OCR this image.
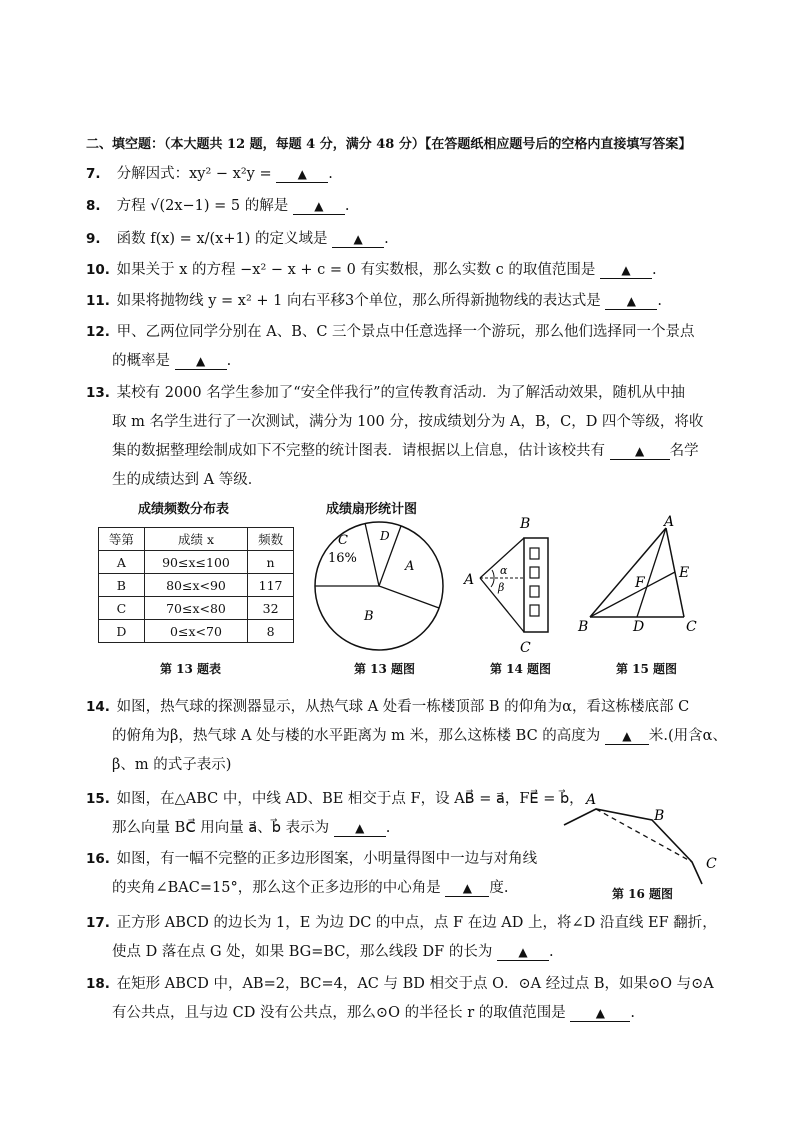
二、填空题：（本大题共 12 题，每题 4 分，满分 48 分）【在答题纸相应题号后的空格内直接填写答案】
7. 分解因式：xy² − x²y = ▲ .
8. 方程 √(2x−1) = 5 的解是 ▲ .
9. 函数 f(x) = x/(x+1) 的定义域是 ▲ .
10. 如果关于 x 的方程 −x² − x + c = 0 有实数根，那么实数 c 的取值范围是 ▲ .
11. 如果将抛物线 y = x² + 1 向右平移3个单位，那么所得新抛物线的表达式是 ▲ .
12. 甲、乙两位同学分别在 A、B、C 三个景点中任意选择一个游玩，那么他们选择同一个景点
的概率是 ▲ .
13. 某校有 2000 名学生参加了“安全伴我行”的宣传教育活动．为了解活动效果，随机从中抽
取 m 名学生进行了一次测试，满分为 100 分，按成绩划分为 A，B，C，D 四个等级，将收
集的数据整理绘制成如下不完整的统计图表．请根据以上信息，估计该校共有 ▲ 名学
生的成绩达到 A 等级．
成绩频数分布表
等第	成绩 x	频数
A	90≤x≤100	n
B	80≤x<90	117
C	70≤x<80	32
D	0≤x<70	8
第 13 题表
成绩扇形统计图
C
16%
D
A
B
第 13 题图
B
A
C
α
β
第 14 题图
A
B	D	C
E
F
第 15 题图
14. 如图，热气球的探测器显示，从热气球 A 处看一栋楼顶部 B 的仰角为α，看这栋楼底部 C
的俯角为β，热气球 A 处与楼的水平距离为 m 米，那么这栋楼 BC 的高度为 ▲ 米.(用含α、
β、m 的式子表示)
15. 如图，在△ABC 中，中线 AD、BE 相交于点 F，设 AB⃗ = a⃗，FE⃗ = b⃗，
那么向量 BC⃗ 用向量 a⃗、b⃗ 表示为 ▲ .
A
B
C
第 16 题图
16. 如图，有一幅不完整的正多边形图案，小明量得图中一边与对角线
的夹角∠BAC=15°，那么这个正多边形的中心角是 ▲ 度.
17. 正方形 ABCD 的边长为 1，E 为边 DC 的中点，点 F 在边 AD 上，将∠D 沿直线 EF 翻折，
使点 D 落在点 G 处，如果 BG=BC，那么线段 DF 的长为 ▲ .
18. 在矩形 ABCD 中，AB=2，BC=4，AC 与 BD 相交于点 O．⊙A 经过点 B，如果⊙O 与⊙A
有公共点，且与边 CD 没有公共点，那么⊙O 的半径长 r 的取值范围是 ▲ .
